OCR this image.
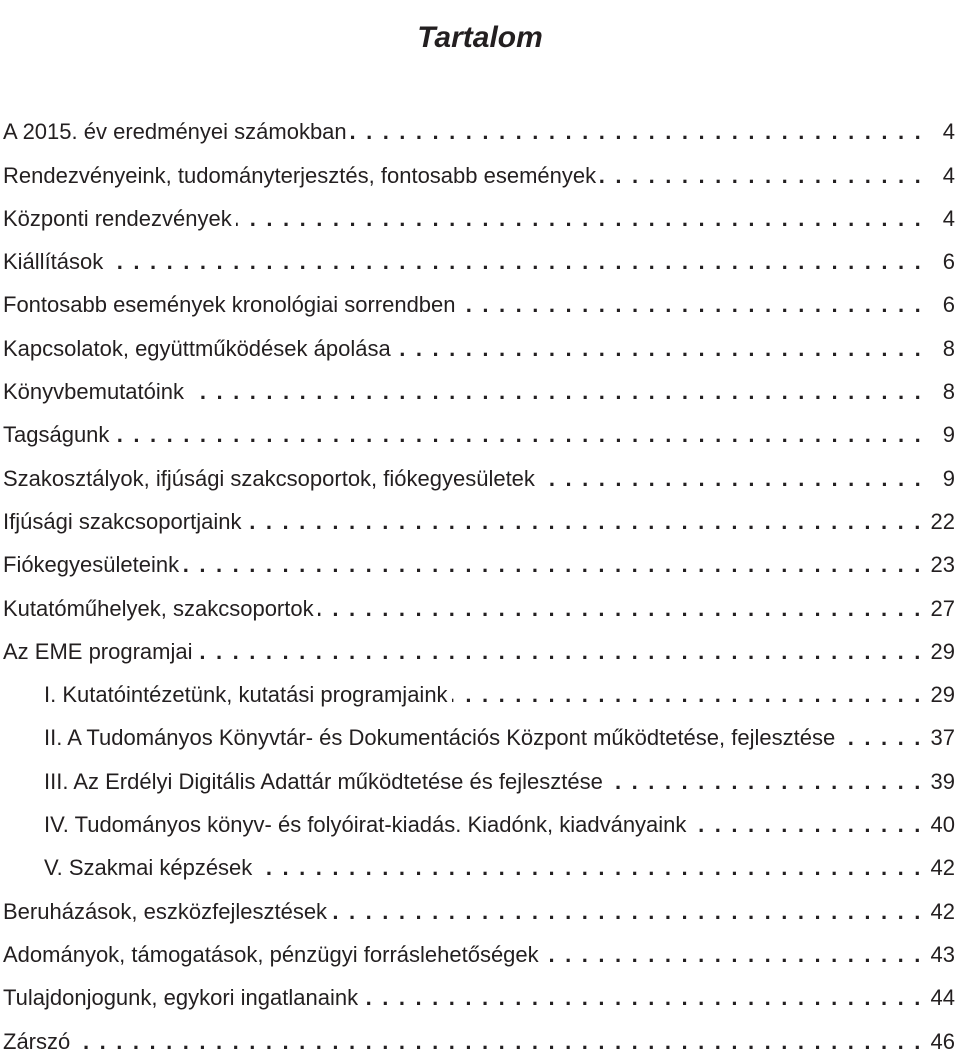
Tartalom
A 2015. év eredményei számokban . . .	4
Rendezvényeink, tudományterjesztés, fontosabb események . . .	4
Központi rendezvények . . .	4
Kiállítások . . .	6
Fontosabb események kronológiai sorrendben . . .	6
Kapcsolatok, együttműködések ápolása . . .	8
Könyvbemutatóink . . .	8
Tagságunk . . .	9
Szakosztályok, ifjúsági szakcsoportok, fiókegyesületek . . .	9
Ifjúsági szakcsoportjaink . . .	22
Fiókegyesületeink . . .	23
Kutatóműhelyek, szakcsoportok . . .	27
Az EME programjai . . .	29
I. Kutatóintézetünk, kutatási programjaink . . .	29
II. A Tudományos Könyvtár- és Dokumentációs Központ működtetése, fejlesztése . . .	37
III. Az Erdélyi Digitális Adattár működtetése és fejlesztése . . .	39
IV. Tudományos könyv- és folyóirat-kiadás. Kiadónk, kiadványaink . . .	40
V. Szakmai képzések . . .	42
Beruházások, eszközfejlesztések . . .	42
Adományok, támogatások, pénzügyi forráslehetőségek . . .	43
Tulajdonjogunk, egykori ingatlanaink . . .	44
Zárszó . . .	46
